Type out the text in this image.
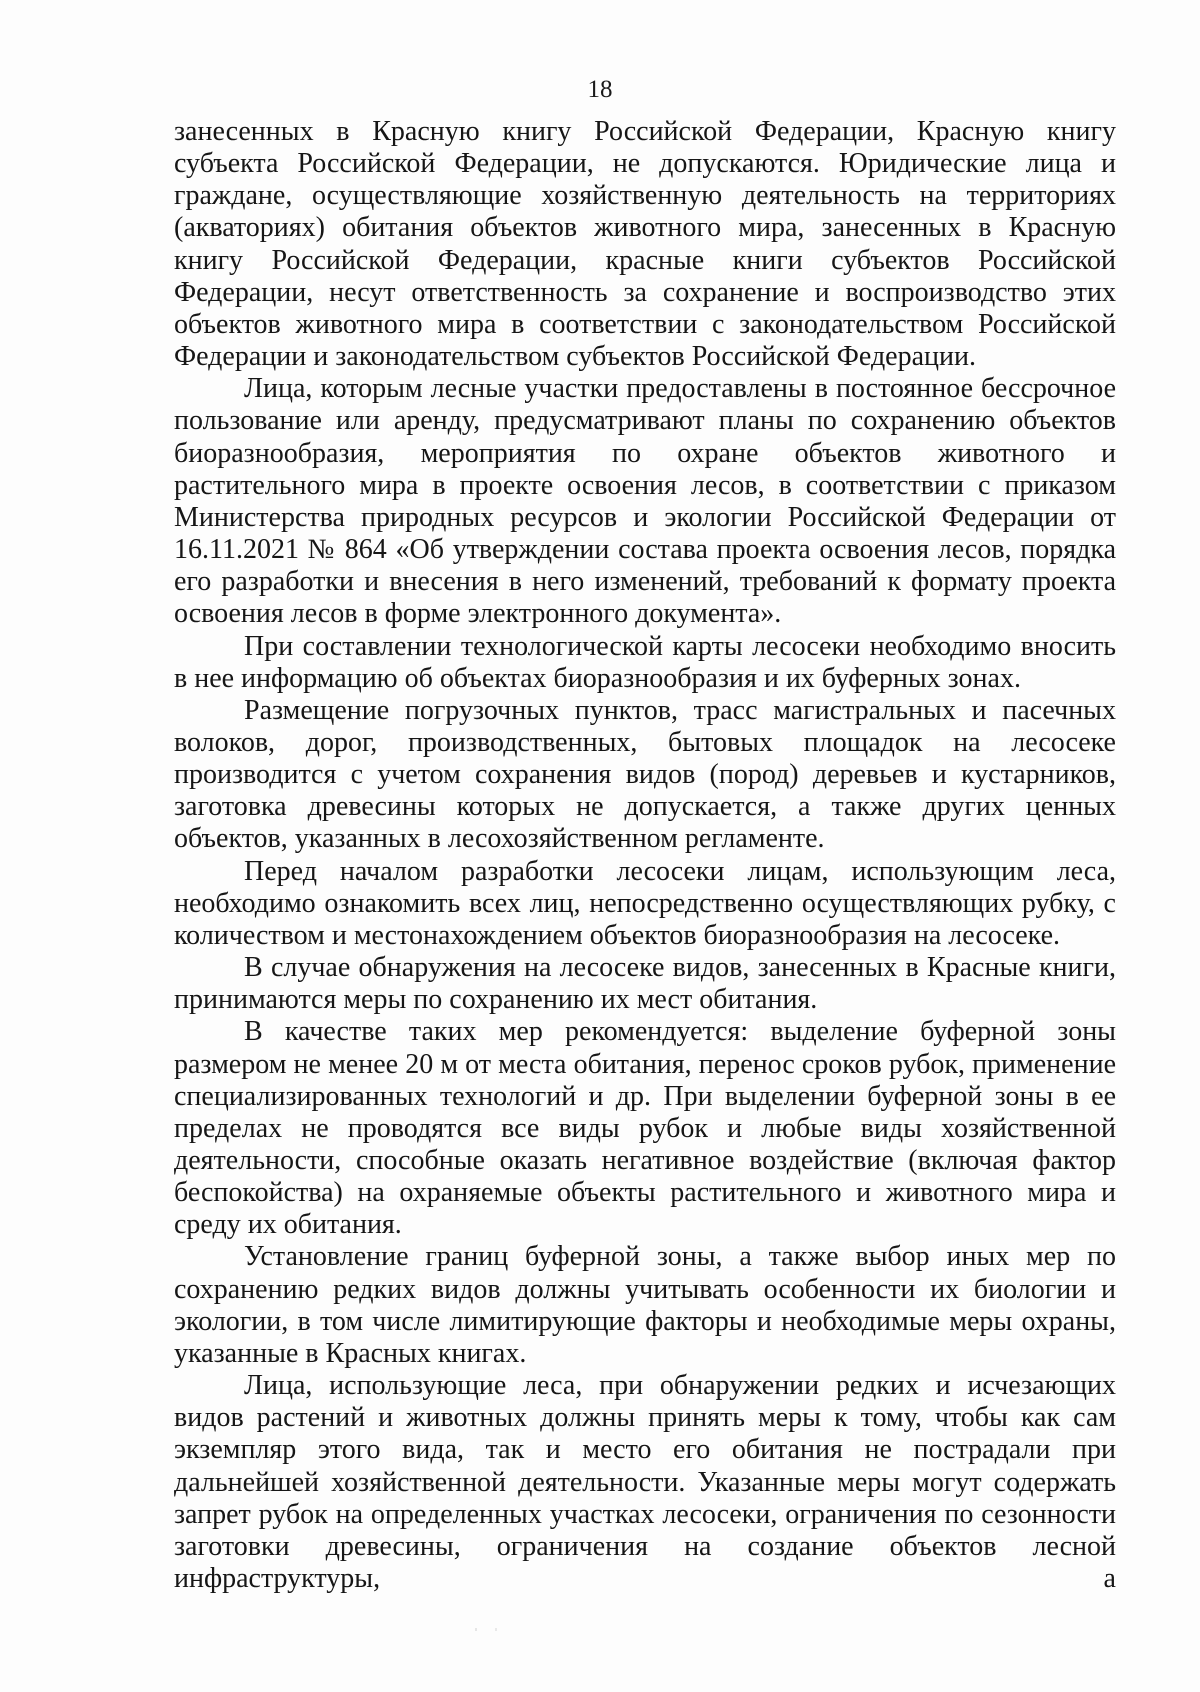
18

занесенных в Красную книгу Российской Федерации, Красную книгу субъекта Российской Федерации, не допускаются. Юридические лица и граждане, осуществляющие хозяйственную деятельность на территориях (акваториях) обитания объектов животного мира, занесенных в Красную книгу Российской Федерации, красные книги субъектов Российской Федерации, несут ответственность за сохранение и воспроизводство этих объектов животного мира в соответствии с законодательством Российской Федерации и законодательством субъектов Российской Федерации.

Лица, которым лесные участки предоставлены в постоянное бессрочное пользование или аренду, предусматривают планы по сохранению объектов биоразнообразия, мероприятия по охране объектов животного и растительного мира в проекте освоения лесов, в соответствии с приказом Министерства природных ресурсов и экологии Российской Федерации от 16.11.2021 № 864 «Об утверждении состава проекта освоения лесов, порядка его разработки и внесения в него изменений, требований к формату проекта освоения лесов в форме электронного документа».

При составлении технологической карты лесосеки необходимо вносить в нее информацию об объектах биоразнообразия и их буферных зонах.

Размещение погрузочных пунктов, трасс магистральных и пасечных волоков, дорог, производственных, бытовых площадок на лесосеке производится с учетом сохранения видов (пород) деревьев и кустарников, заготовка древесины которых не допускается, а также других ценных объектов, указанных в лесохозяйственном регламенте.

Перед началом разработки лесосеки лицам, использующим леса, необходимо ознакомить всех лиц, непосредственно осуществляющих рубку, с количеством и местонахождением объектов биоразнообразия на лесосеке.

В случае обнаружения на лесосеке видов, занесенных в Красные книги, принимаются меры по сохранению их мест обитания.

В качестве таких мер рекомендуется: выделение буферной зоны размером не менее 20 м от места обитания, перенос сроков рубок, применение специализированных технологий и др. При выделении буферной зоны в ее пределах не проводятся все виды рубок и любые виды хозяйственной деятельности, способные оказать негативное воздействие (включая фактор беспокойства) на охраняемые объекты растительного и животного мира и среду их обитания.

Установление границ буферной зоны, а также выбор иных мер по сохранению редких видов должны учитывать особенности их биологии и экологии, в том числе лимитирующие факторы и необходимые меры охраны, указанные в Красных книгах.

Лица, использующие леса, при обнаружении редких и исчезающих видов растений и животных должны принять меры к тому, чтобы как сам экземпляр этого вида, так и место его обитания не пострадали при дальнейшей хозяйственной деятельности. Указанные меры могут содержать запрет рубок на определенных участках лесосеки, ограничения по сезонности заготовки древесины, ограничения на создание объектов лесной инфраструктуры, а
